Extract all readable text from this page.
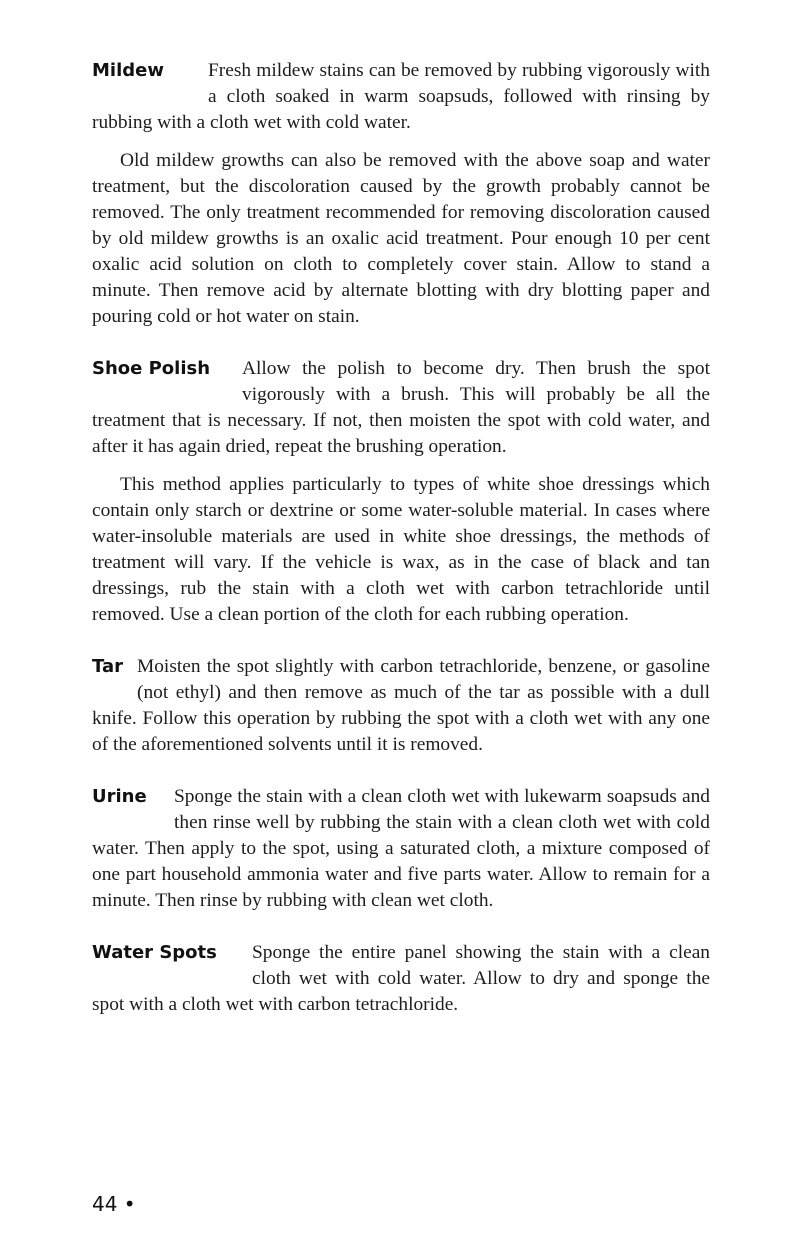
Mildew	Fresh mildew stains can be removed by rubbing vigorously with a cloth soaked in warm soapsuds, followed with rinsing by rubbing with a cloth wet with cold water.

Old mildew growths can also be removed with the above soap and water treatment, but the discoloration caused by the growth probably cannot be removed. The only treatment recommended for removing discoloration caused by old mildew growths is an oxalic acid treatment. Pour enough 10 per cent oxalic acid solution on cloth to completely cover stain. Allow to stand a minute. Then remove acid by alternate blotting with dry blotting paper and pouring cold or hot water on stain.

Shoe Polish	Allow the polish to become dry. Then brush the spot vigorously with a brush. This will probably be all the treatment that is necessary. If not, then moisten the spot with cold water, and after it has again dried, repeat the brushing operation.

This method applies particularly to types of white shoe dressings which contain only starch or dextrine or some water-soluble material. In cases where water-insoluble materials are used in white shoe dressings, the methods of treatment will vary. If the vehicle is wax, as in the case of black and tan dressings, rub the stain with a cloth wet with carbon tetrachloride until removed. Use a clean portion of the cloth for each rubbing operation.

Tar Moisten the spot slightly with carbon tetrachloride, benzene, or gasoline (not ethyl) and then remove as much of the tar as possible with a dull knife. Follow this operation by rubbing the spot with a cloth wet with any one of the aforementioned solvents until it is removed.

Urine	Sponge the stain with a clean cloth wet with lukewarm soapsuds and then rinse well by rubbing the stain with a clean cloth wet with cold water. Then apply to the spot, using a saturated cloth, a mixture composed of one part household ammonia water and five parts water. Allow to remain for a minute. Then rinse by rubbing with clean wet cloth.

Water Spots	Sponge the entire panel showing the stain with a clean cloth wet with cold water. Allow to dry and sponge the spot with a cloth wet with carbon tetrachloride.

44 •
